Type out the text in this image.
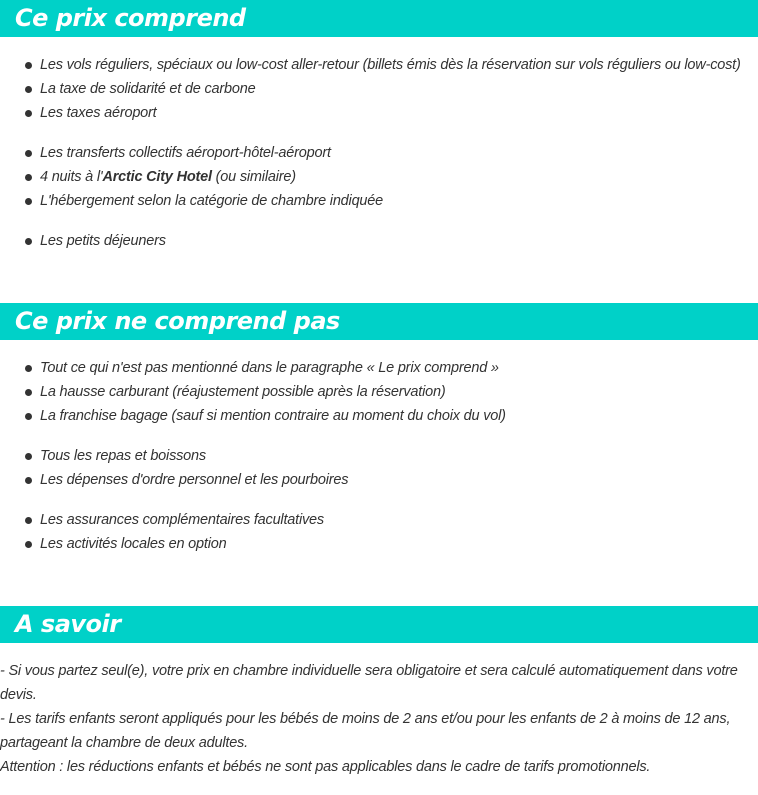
Ce prix comprend
Les vols réguliers, spéciaux ou low-cost aller-retour (billets émis dès la réservation sur vols réguliers ou low-cost)
La taxe de solidarité et de carbone
Les taxes aéroport
Les transferts collectifs aéroport-hôtel-aéroport
4 nuits à l'Arctic City Hotel (ou similaire)
L'hébergement selon la catégorie de chambre indiquée
Les petits déjeuners
Ce prix ne comprend pas
Tout ce qui n'est pas mentionné dans le paragraphe « Le prix comprend »
La hausse carburant (réajustement possible après la réservation)
La franchise bagage (sauf si mention contraire au moment du choix du vol)
Tous les repas et boissons
Les dépenses d'ordre personnel et les pourboires
Les assurances complémentaires facultatives
Les activités locales en option
A savoir
- Si vous partez seul(e), votre prix en chambre individuelle sera obligatoire et sera calculé automatiquement dans votre
devis.
- Les tarifs enfants seront appliqués pour les bébés de moins de 2 ans et/ou pour les enfants de 2 à moins de 12 ans,
partageant la chambre de deux adultes.
Attention : les réductions enfants et bébés ne sont pas applicables dans le cadre de tarifs promotionnels.
